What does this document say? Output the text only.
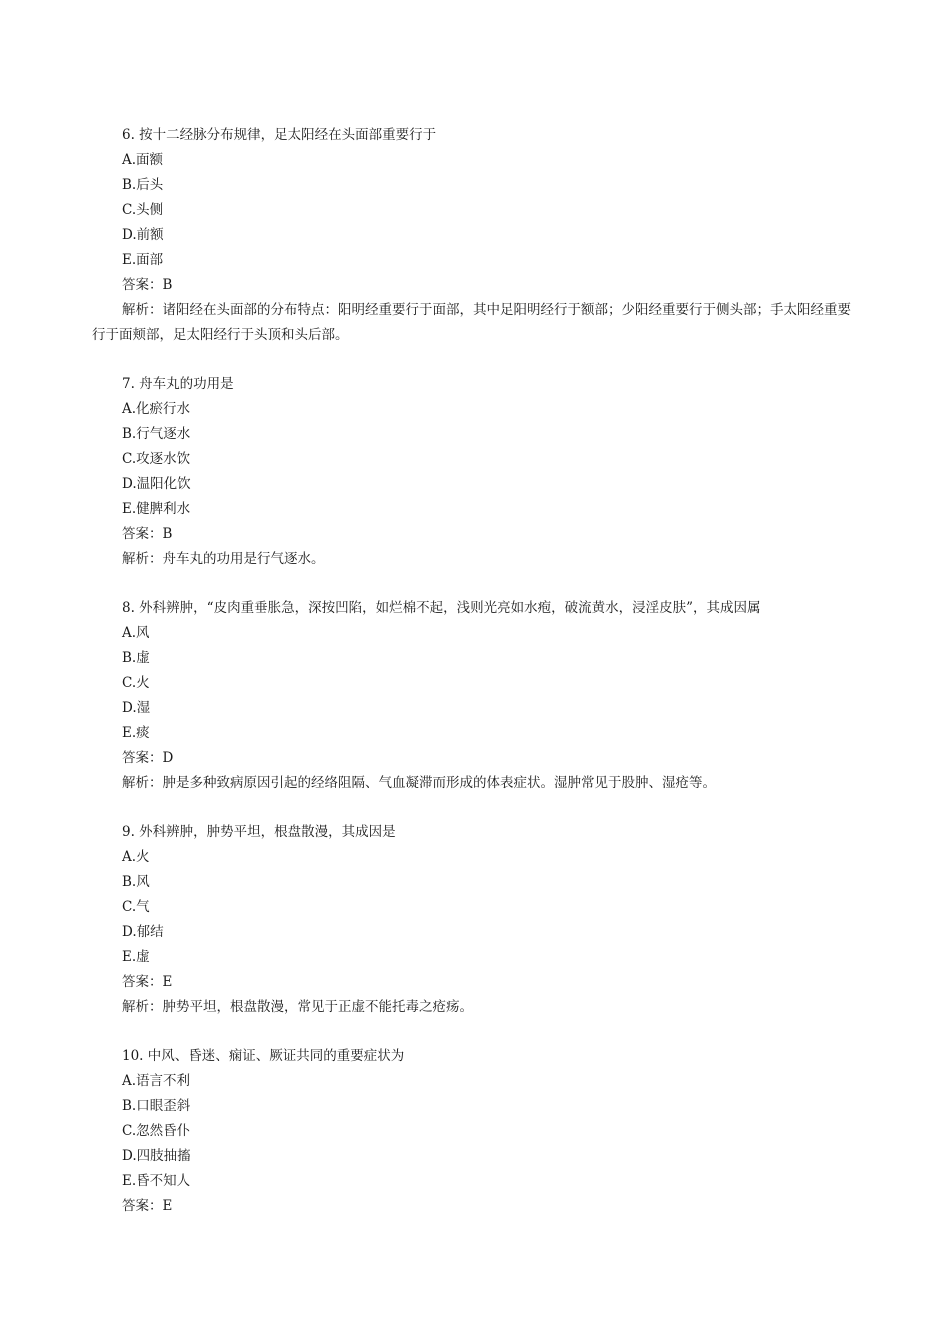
6. 按十二经脉分布规律，足太阳经在头面部重要行于
A.面额
B.后头
C.头侧
D.前额
E.面部
答案：B
解析：诸阳经在头面部的分布特点：阳明经重要行于面部，其中足阳明经行于额部；少阳经重要行于侧头部；手太阳经重要行于面颊部，足太阳经行于头顶和头后部。
7. 舟车丸的功用是
A.化瘀行水
B.行气逐水
C.攻逐水饮
D.温阳化饮
E.健脾利水
答案：B
解析：舟车丸的功用是行气逐水。
8. 外科辨肿，“皮肉重垂胀急，深按凹陷，如烂棉不起，浅则光亮如水疱，破流黄水，浸淫皮肤”，其成因属
A.风
B.虚
C.火
D.湿
E.痰
答案：D
解析：肿是多种致病原因引起的经络阻隔、气血凝滞而形成的体表症状。湿肿常见于股肿、湿疮等。
9. 外科辨肿，肿势平坦，根盘散漫，其成因是
A.火
B.风
C.气
D.郁结
E.虚
答案：E
解析：肿势平坦，根盘散漫，常见于正虚不能托毒之疮疡。
10. 中风、昏迷、痫证、厥证共同的重要症状为
A.语言不利
B.口眼歪斜
C.忽然昏仆
D.四肢抽搐
E.昏不知人
答案：E
